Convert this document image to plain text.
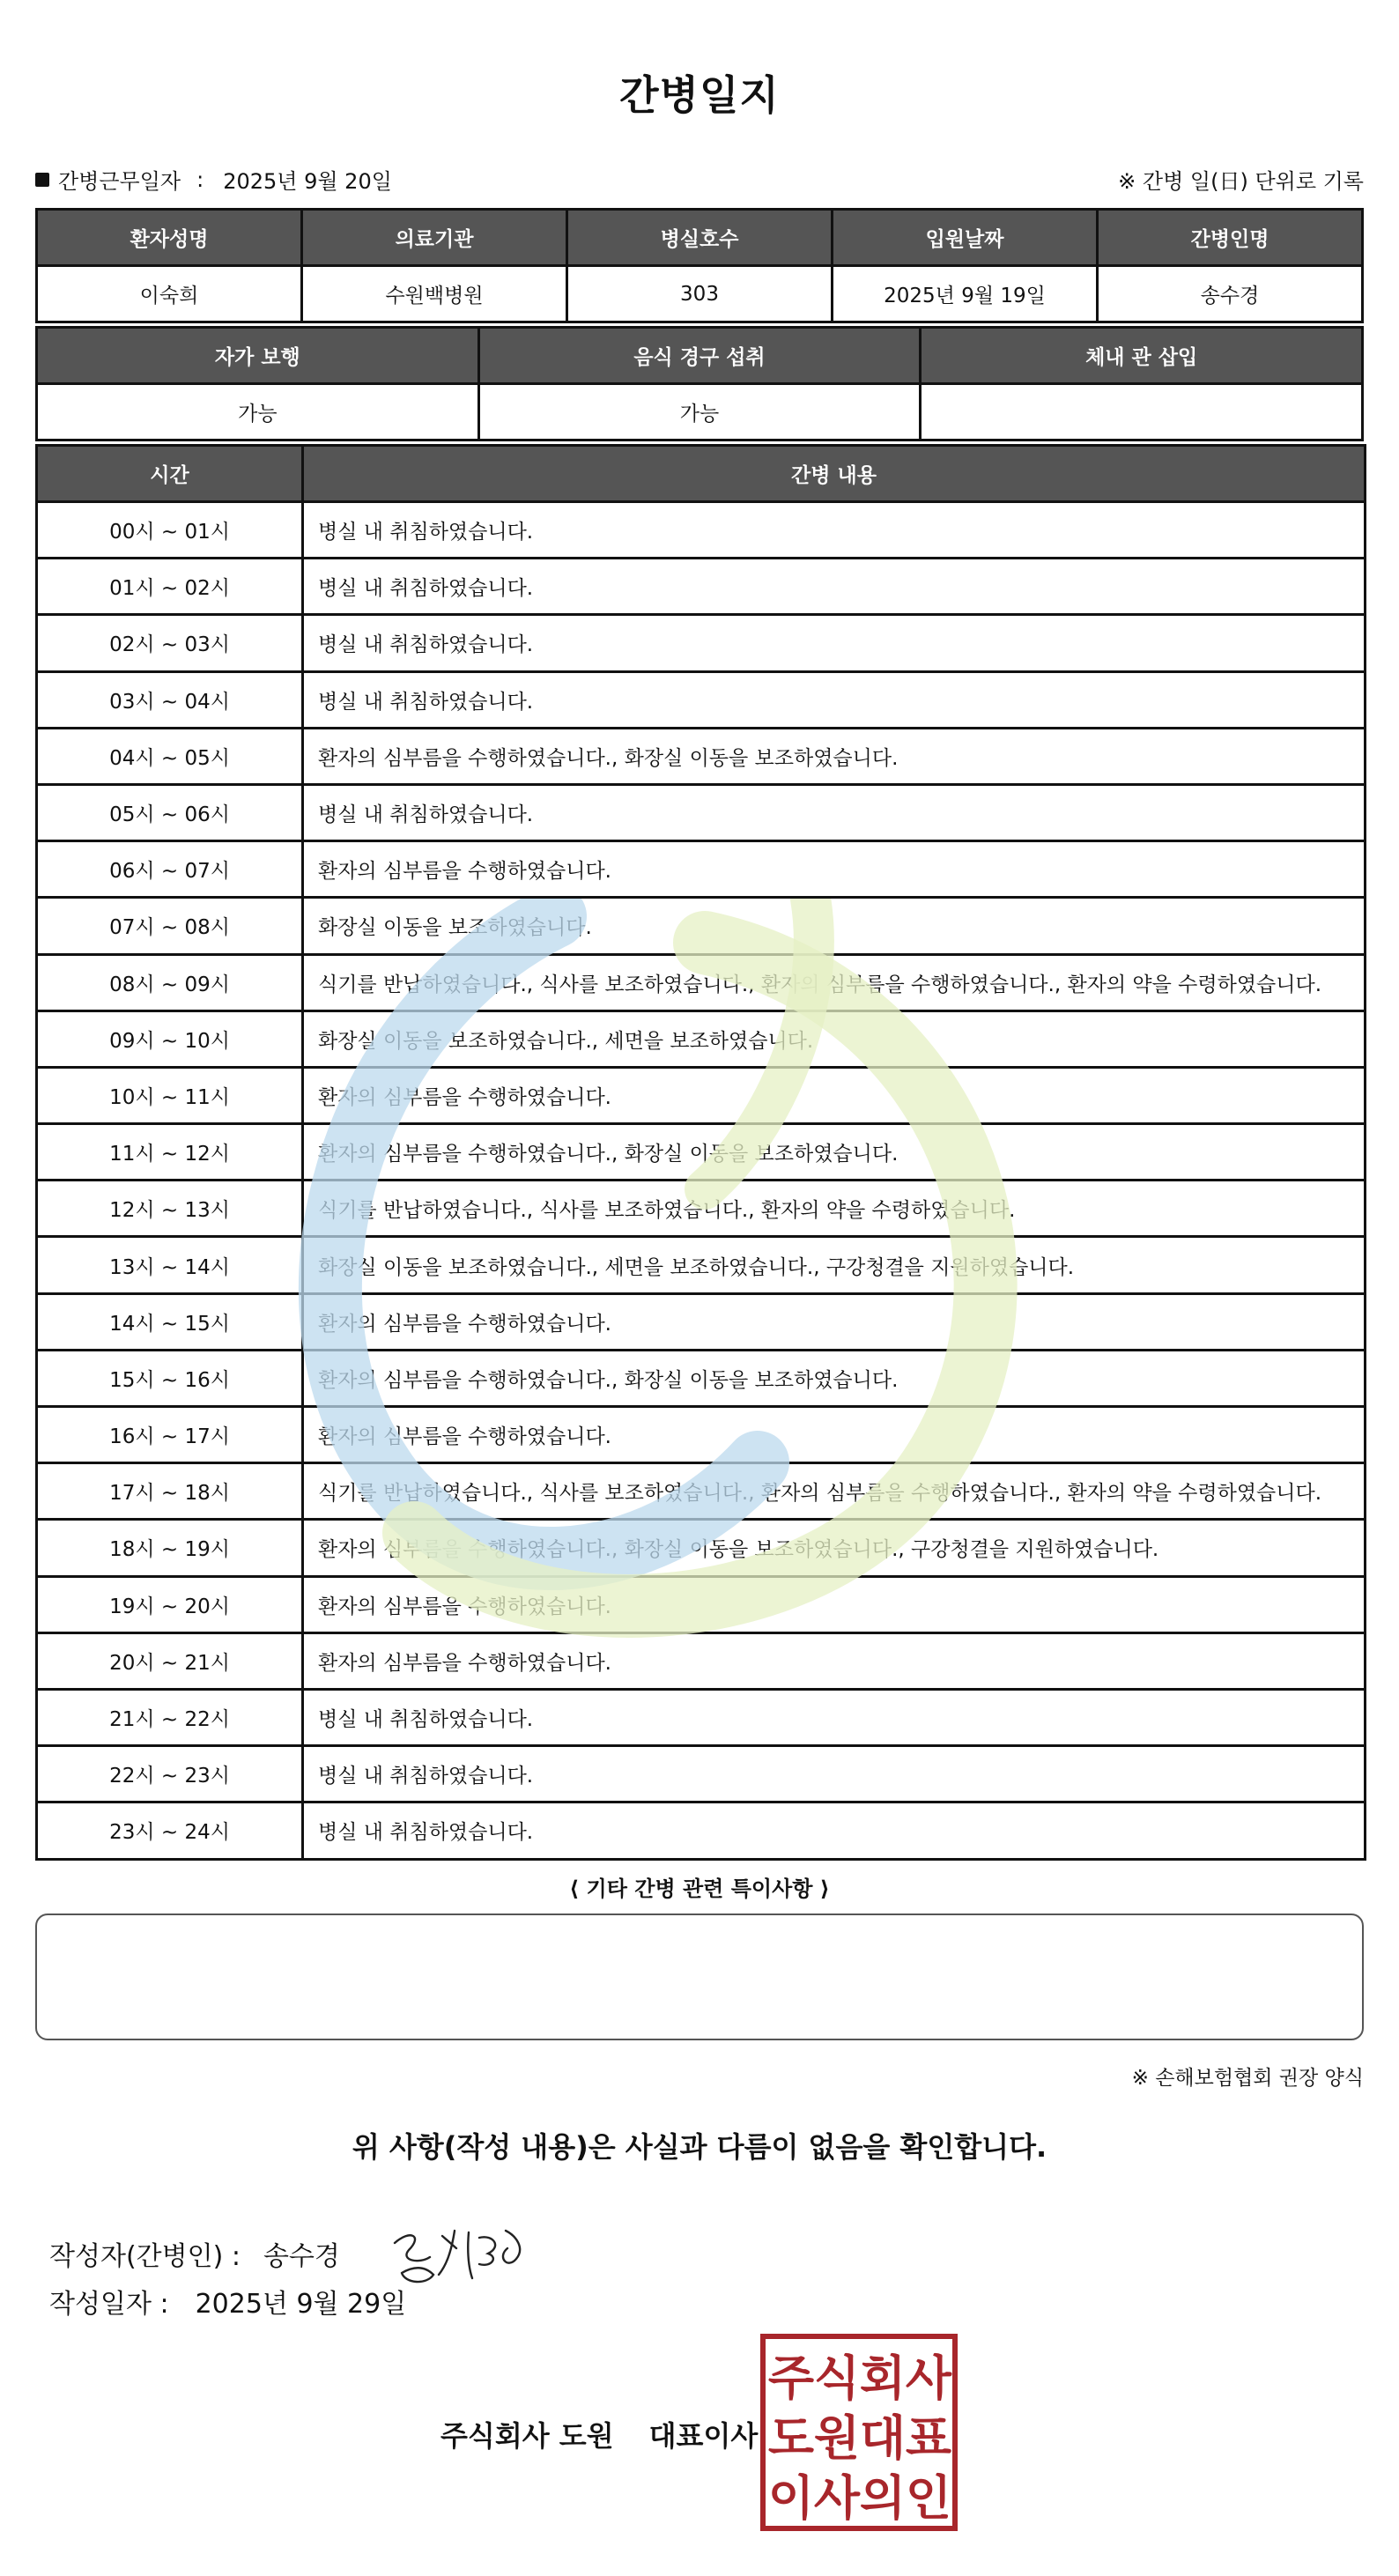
간병일지
간병근무일자 : 2025년 9월 20일	※ 간병 일(日) 단위로 기록
환자성명	의료기관	병실호수	입원날짜	간병인명
이숙희	수원백병원	303	2025년 9월 19일	송수경
자가 보행	음식 경구 섭취	체내 관 삽입
가능	가능	
시간	간병 내용
00시 ~ 01시	병실 내 취침하였습니다.
01시 ~ 02시	병실 내 취침하였습니다.
02시 ~ 03시	병실 내 취침하였습니다.
03시 ~ 04시	병실 내 취침하였습니다.
04시 ~ 05시	환자의 심부름을 수행하였습니다., 화장실 이동을 보조하였습니다.
05시 ~ 06시	병실 내 취침하였습니다.
06시 ~ 07시	환자의 심부름을 수행하였습니다.
07시 ~ 08시	화장실 이동을 보조하였습니다.
08시 ~ 09시	식기를 반납하였습니다., 식사를 보조하였습니다., 환자의 심부름을 수행하였습니다., 환자의 약을 수령하였습니다.
09시 ~ 10시	화장실 이동을 보조하였습니다., 세면을 보조하였습니다.
10시 ~ 11시	환자의 심부름을 수행하였습니다.
11시 ~ 12시	환자의 심부름을 수행하였습니다., 화장실 이동을 보조하였습니다.
12시 ~ 13시	식기를 반납하였습니다., 식사를 보조하였습니다., 환자의 약을 수령하였습니다.
13시 ~ 14시	화장실 이동을 보조하였습니다., 세면을 보조하였습니다., 구강청결을 지원하였습니다.
14시 ~ 15시	환자의 심부름을 수행하였습니다.
15시 ~ 16시	환자의 심부름을 수행하였습니다., 화장실 이동을 보조하였습니다.
16시 ~ 17시	환자의 심부름을 수행하였습니다.
17시 ~ 18시	식기를 반납하였습니다., 식사를 보조하였습니다., 환자의 심부름을 수행하였습니다., 환자의 약을 수령하였습니다.
18시 ~ 19시	환자의 심부름을 수행하였습니다., 화장실 이동을 보조하였습니다., 구강청결을 지원하였습니다.
19시 ~ 20시	환자의 심부름을 수행하였습니다.
20시 ~ 21시	환자의 심부름을 수행하였습니다.
21시 ~ 22시	병실 내 취침하였습니다.
22시 ~ 23시	병실 내 취침하였습니다.
23시 ~ 24시	병실 내 취침하였습니다.
⟨ 기타 간병 관련 특이사항 ⟩
※ 손해보험협회 권장 양식
위 사항(작성 내용)은 사실과 다름이 없음을 확인합니다.
작성자(간병인) : 송수경
작성일자 : 2025년 9월 29일
주식회사 도원 대표이사
주 식 회 사
도 원 대 표
이 사 의 인
